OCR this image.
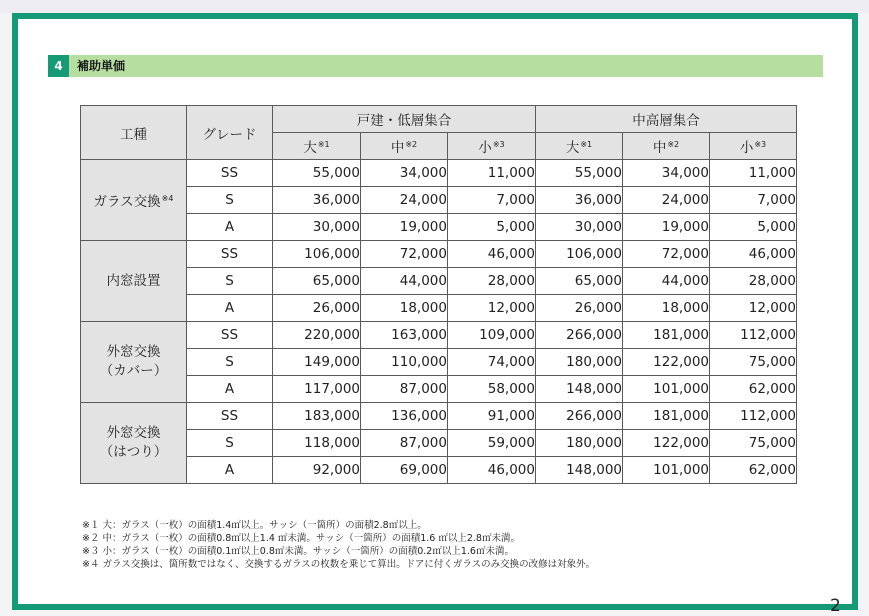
4	補助単価
工種	グレード	戸建・低層集合			中高層集合		
		大$^{※1}$	中$^{※2}$	小$^{※3}$	大$^{※1}$	中$^{※2}$	小$^{※3}$
ガラス交換$^{※4}$	SS	55,000	34,000	11,000	55,000	34,000	11,000
	S	36,000	24,000	7,000	36,000	24,000	7,000
	A	30,000	19,000	5,000	30,000	19,000	5,000
内窓設置	SS	106,000	72,000	46,000	106,000	72,000	46,000
	S	65,000	44,000	28,000	65,000	44,000	28,000
	A	26,000	18,000	12,000	26,000	18,000	12,000
外窓交換
（カバー）	SS	220,000	163,000	109,000	266,000	181,000	112,000
	S	149,000	110,000	74,000	180,000	122,000	75,000
	A	117,000	87,000	58,000	148,000	101,000	62,000
外窓交換
（はつり）	SS	183,000	136,000	91,000	266,000	181,000	112,000
	S	118,000	87,000	59,000	180,000	122,000	75,000
	A	92,000	69,000	46,000	148,000	101,000	62,000
※１ 大：ガラス（一枚）の面積1.4㎡以上。サッシ（一箇所）の面積2.8㎡以上。
※２ 中：ガラス（一枚）の面積0.8㎡以上1.4 ㎡未満。サッシ（一箇所）の面積1.6 ㎡以上2.8㎡未満。
※３ 小：ガラス（一枚）の面積0.1㎡以上0.8㎡未満。サッシ（一箇所）の面積0.2㎡以上1.6㎡未満。
※４ ガラス交換は、箇所数ではなく、交換するガラスの枚数を乗じて算出。ドアに付くガラスのみ交換の改修は対象外。
2
